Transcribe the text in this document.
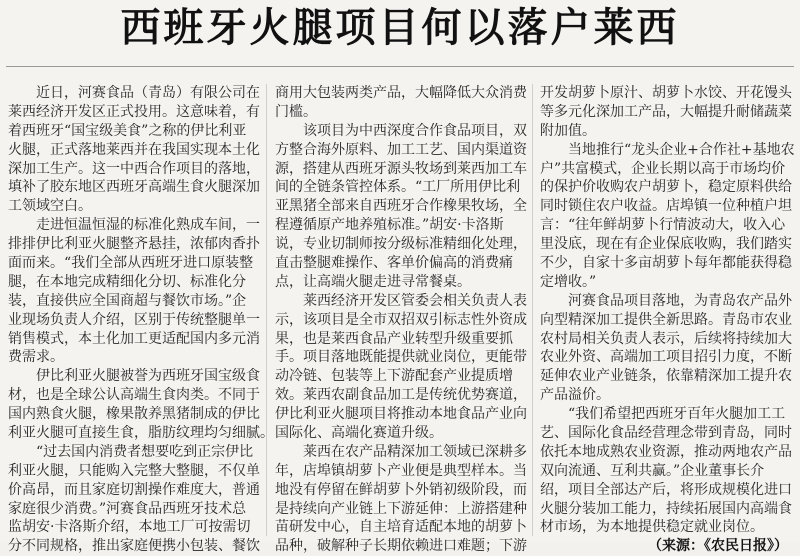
西班牙火腿项目何以落户莱西
近日，河赛食品（青岛）有限公司在
莱西经济开发区正式投用。这意味着，有
着西班牙“国宝级美食”之称的伊比利亚
火腿，正式落地莱西并在我国实现本土化
深加工生产。这一中西合作项目的落地，
填补了胶东地区西班牙高端生食火腿深加
工领域空白。
走进恒温恒湿的标准化熟成车间，一
排排伊比利亚火腿整齐悬挂，浓郁肉香扑
面而来。“我们全部从西班牙进口原装整
腿，在本地完成精细化分切、标准化分
装，直接供应全国商超与餐饮市场。”企
业现场负责人介绍，区别于传统整腿单一
销售模式，本土化加工更适配国内多元消
费需求。
伊比利亚火腿被誉为西班牙国宝级食
材，也是全球公认高端生食肉类。不同于
国内熟食火腿，橡果散养黑猪制成的伊比
利亚火腿可直接生食，脂肪纹理均匀细腻。
“过去国内消费者想要吃到正宗伊比
利亚火腿，只能购入完整大整腿，不仅单
价高昂，而且家庭切割操作难度大，普通
家庭很少消费。”河赛食品西班牙技术总
监胡安·卡洛斯介绍，本地工厂可按需切
分不同规格，推出家庭便携小包装、餐饮
商用大包装两类产品，大幅降低大众消费
门槛。
该项目为中西深度合作食品项目，双
方整合海外原料、加工工艺、国内渠道资
源，搭建从西班牙源头牧场到莱西加工车
间的全链条管控体系。“工厂所用伊比利
亚黑猪全部来自西班牙合作橡果牧场，全
程遵循原产地养殖标准。”胡安·卡洛斯
说，专业切制师按分级标准精细化处理，
直击整腿难操作、客单价偏高的消费痛
点，让高端火腿走进寻常餐桌。
莱西经济开发区管委会相关负责人表
示，该项目是全市双招双引标志性外资成
果，也是莱西食品产业转型升级重要抓
手。项目落地既能提供就业岗位，更能带
动冷链、包装等上下游配套产业提质增
效。莱西农副食品加工是传统优势赛道，
伊比利亚火腿项目将推动本地食品产业向
国际化、高端化赛道升级。
莱西在农产品精深加工领域已深耕多
年，店埠镇胡萝卜产业便是典型样本。当
地没有停留在鲜胡萝卜外销初级阶段，而
是持续向产业链上下游延伸：上游搭建种
苗研发中心，自主培育适配本地的胡萝卜
品种，破解种子长期依赖进口难题；下游
开发胡萝卜原汁、胡萝卜水饺、开花馒头
等多元化深加工产品，大幅提升耐储蔬菜
附加值。
当地推行“龙头企业+合作社+基地农
户”共富模式，企业长期以高于市场均价
的保护价收购农户胡萝卜，稳定原料供给
同时锁住农户收益。店埠镇一位种植户坦
言：“往年鲜胡萝卜行情波动大，收入心
里没底，现在有企业保底收购，我们踏实
不少，自家十多亩胡萝卜每年都能获得稳
定增收。”
河赛食品项目落地，为青岛农产品外
向型精深加工提供全新思路。青岛市农业
农村局相关负责人表示，后续将持续加大
农业外资、高端加工项目招引力度，不断
延伸农业产业链条，依靠精深加工提升农
产品溢价。
“我们希望把西班牙百年火腿加工工
艺、国际化食品经营理念带到青岛，同时
依托本地成熟农业资源，推动两地农产品
双向流通、互利共赢。”企业董事长介
绍，项目全部达产后，将形成规模化进口
火腿分装加工能力，持续拓展国内高端食
材市场，为本地提供稳定就业岗位。
（来源：《农民日报》）
